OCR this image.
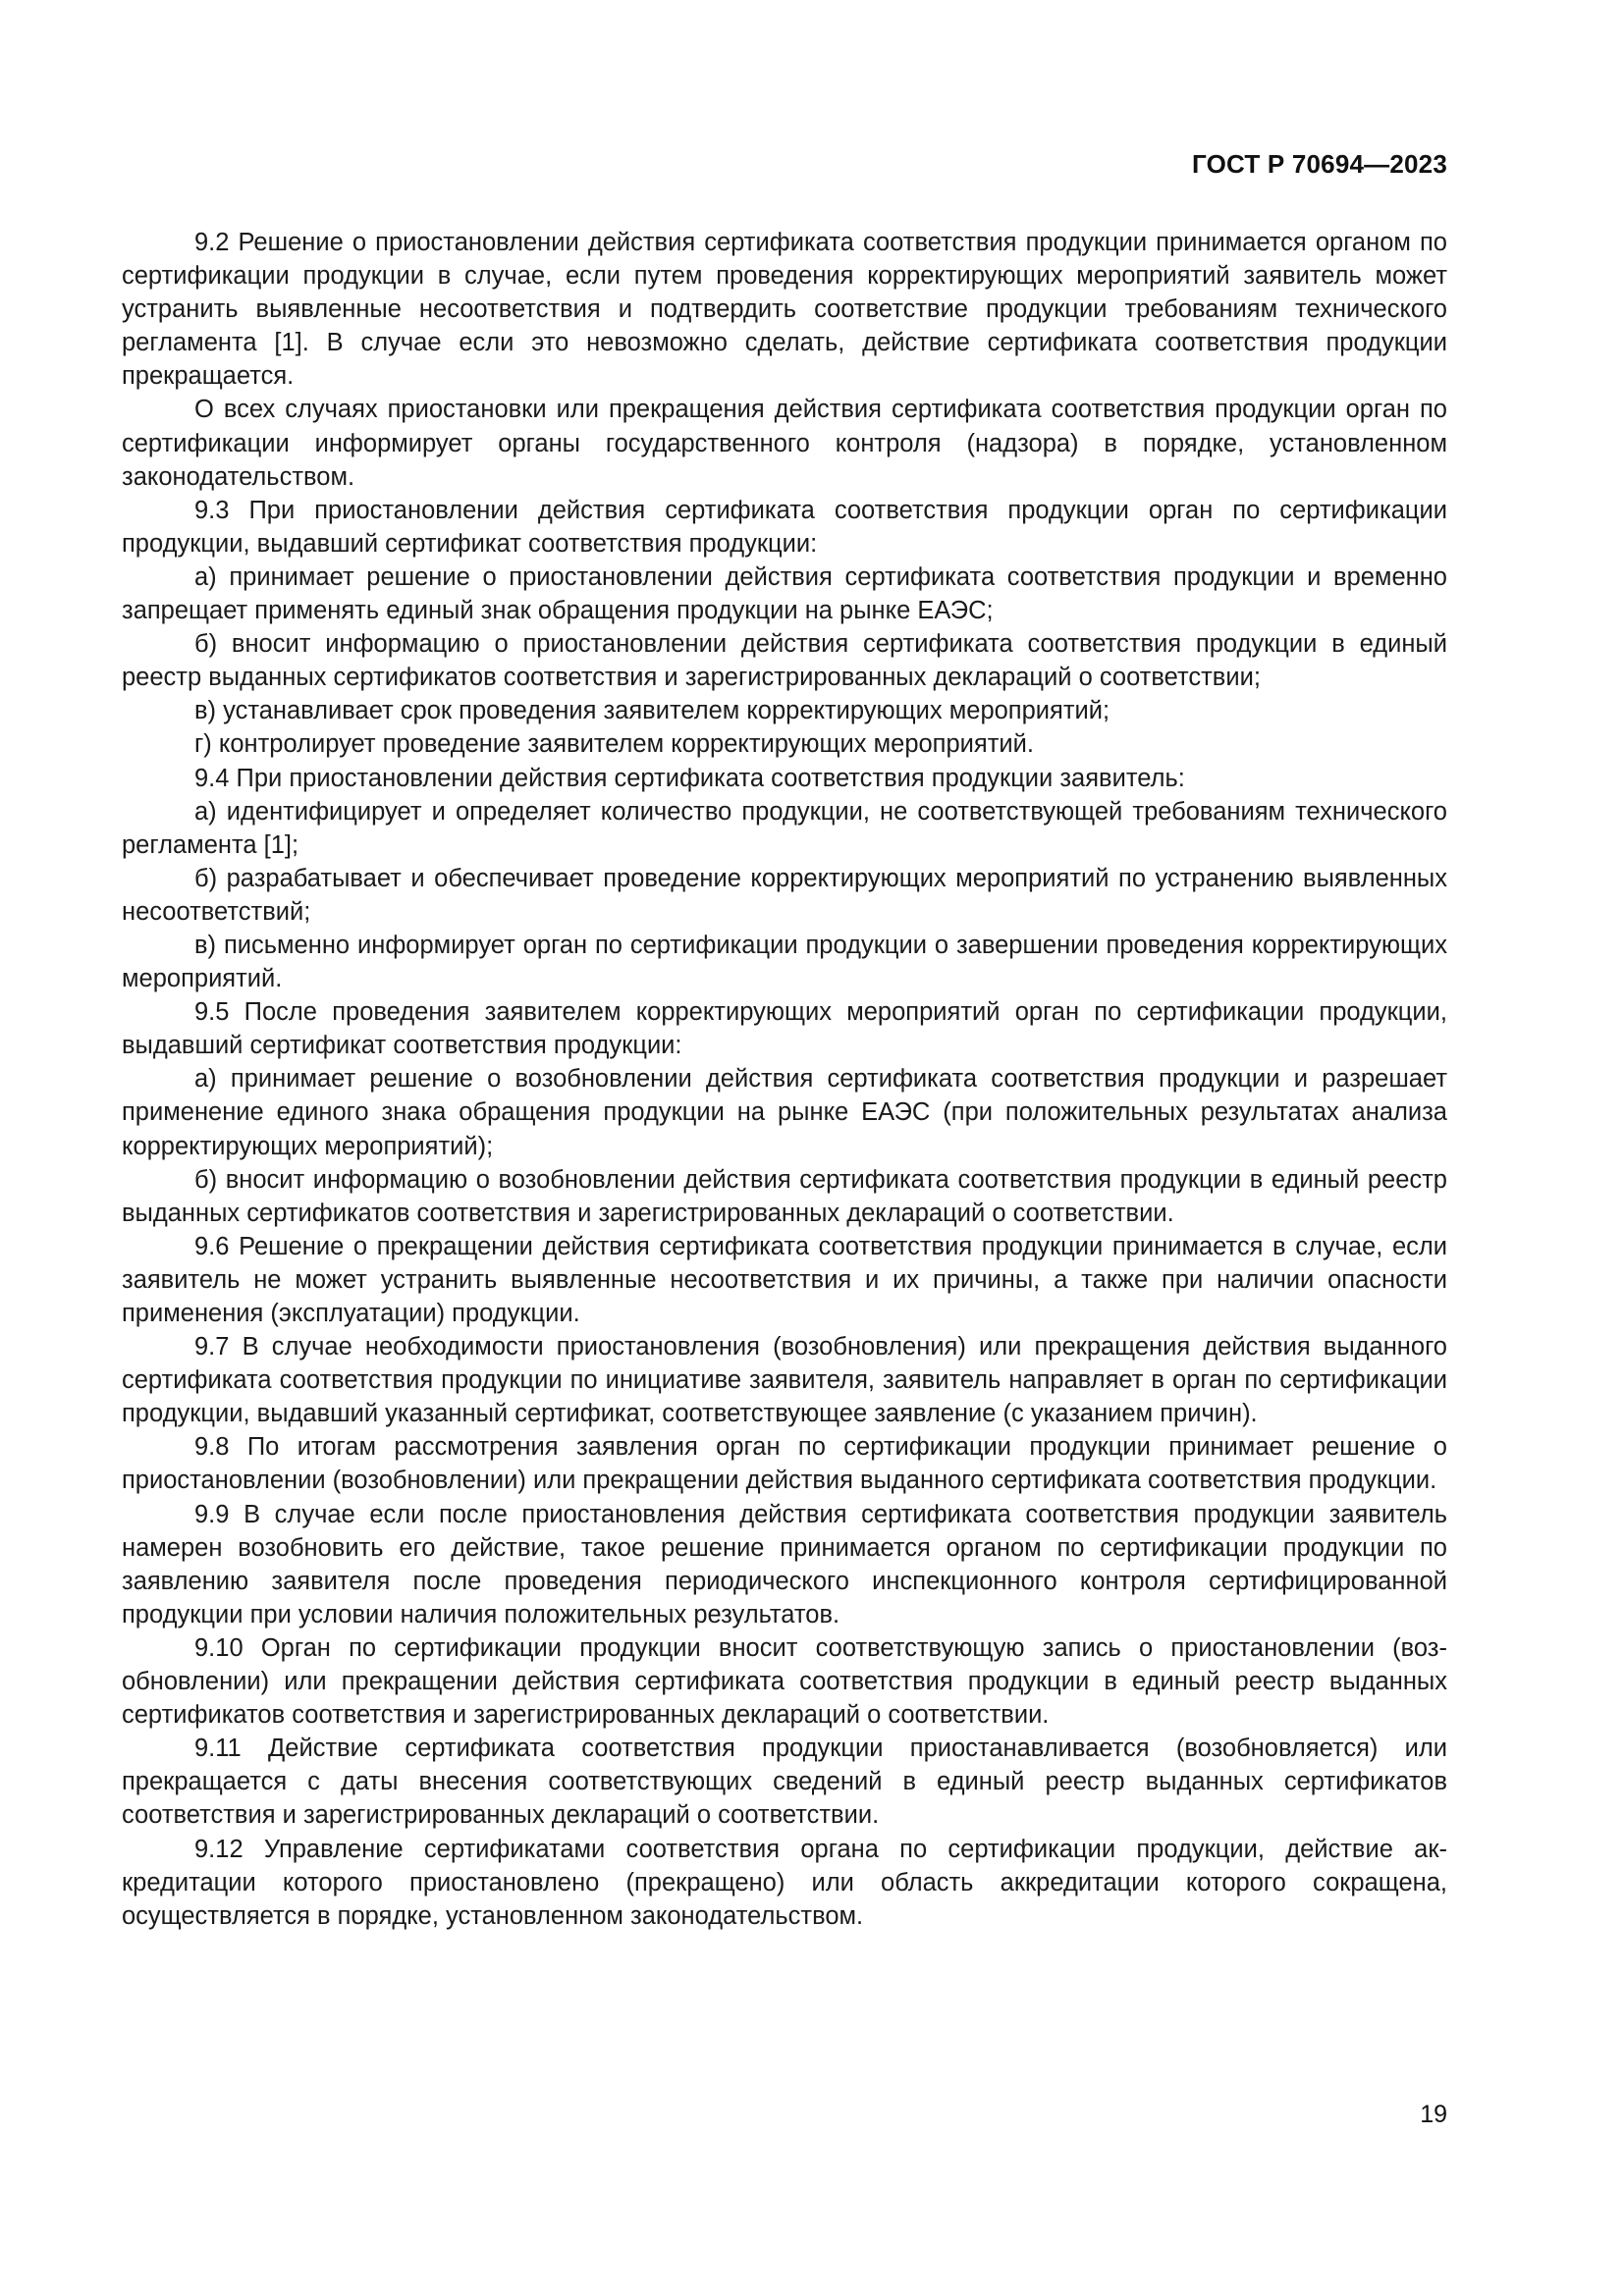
ГОСТ Р 70694—2023

9.2 Решение о приостановлении действия сертификата соответствия продукции принимается органом по сертификации продукции в случае, если путем проведения корректирующих мероприятий заявитель может устранить выявленные несоответствия и подтвердить соответствие продукции требованиям технического регламента [1]. В случае если это невозможно сделать, действие сертификата соответствия продукции прекращается.

О всех случаях приостановки или прекращения действия сертификата соответствия продукции орган по сертификации информирует органы государственного контроля (надзора) в порядке, установленном законодательством.

9.3 При приостановлении действия сертификата соответствия продукции орган по сертификации продукции, выдавший сертификат соответствия продукции:

а) принимает решение о приостановлении действия сертификата соответствия продукции и временно запрещает применять единый знак обращения продукции на рынке ЕАЭС;

б) вносит информацию о приостановлении действия сертификата соответствия продукции в единый реестр выданных сертификатов соответствия и зарегистрированных деклараций о соответствии;

в) устанавливает срок проведения заявителем корректирующих мероприятий;

г) контролирует проведение заявителем корректирующих мероприятий.

9.4 При приостановлении действия сертификата соответствия продукции заявитель:

а) идентифицирует и определяет количество продукции, не соответствующей требованиям технического регламента [1];

б) разрабатывает и обеспечивает проведение корректирующих мероприятий по устранению выявленных несоответствий;

в) письменно информирует орган по сертификации продукции о завершении проведения корректирующих мероприятий.

9.5 После проведения заявителем корректирующих мероприятий орган по сертификации продукции, выдавший сертификат соответствия продукции:

а) принимает решение о возобновлении действия сертификата соответствия продукции и разрешает применение единого знака обращения продукции на рынке ЕАЭС (при положительных результатах анализа корректирующих мероприятий);

б) вносит информацию о возобновлении действия сертификата соответствия продукции в единый реестр выданных сертификатов соответствия и зарегистрированных деклараций о соответствии.

9.6 Решение о прекращении действия сертификата соответствия продукции принимается в случае, если заявитель не может устранить выявленные несоответствия и их причины, а также при наличии опасности применения (эксплуатации) продукции.

9.7 В случае необходимости приостановления (возобновления) или прекращения действия выданного сертификата соответствия продукции по инициативе заявителя, заявитель направляет в орган по сертификации продукции, выдавший указанный сертификат, соответствующее заявление (с указанием причин).

9.8 По итогам рассмотрения заявления орган по сертификации продукции принимает решение о приостановлении (возобновлении) или прекращении действия выданного сертификата соответствия продукции.

9.9 В случае если после приостановления действия сертификата соответствия продукции заявитель намерен возобновить его действие, такое решение принимается органом по сертификации продукции по заявлению заявителя после проведения периодического инспекционного контроля сертифицированной продукции при условии наличия положительных результатов.

9.10 Орган по сертификации продукции вносит соответствующую запись о приостановлении (возобновлении) или прекращении действия сертификата соответствия продукции в единый реестр выданных сертификатов соответствия и зарегистрированных деклараций о соответствии.

9.11 Действие сертификата соответствия продукции приостанавливается (возобновляется) или прекращается с даты внесения соответствующих сведений в единый реестр выданных сертификатов соответствия и зарегистрированных деклараций о соответствии.

9.12 Управление сертификатами соответствия органа по сертификации продукции, действие аккредитации которого приостановлено (прекращено) или область аккредитации которого сокращена, осуществляется в порядке, установленном законодательством.

19
